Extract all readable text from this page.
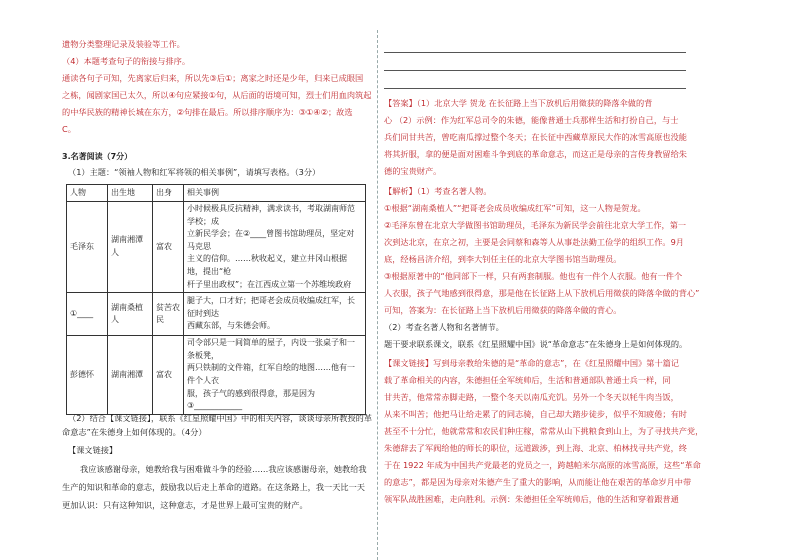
遗物分类整理记录及装验等工作。
（4）本题考查句子的衔接与排序。
通读各句子可知，先离家后归来，所以先③后①；离家之时还是少年，归来已成眼国
之栋，闻剧家国已太久，所以④句应紧接①句，从后面的语境可知，烈士们用血肉筑起
的中华民族的精神长城在东方，②句排在最后。所以排序顺序为：③①④②；故选
C。
3.名著阅读（7分）
（1）主题：“领袖人物和红军将领的相关事例”，请填写表格。（3分）
人物	出生地	出身	相关事例
毛泽东	湖南湘潭人	富农	小时候极具反抗精神，满求读书，考取湖南师范学校；成
立新民学会；在②____曾图书馆助理员，坚定对马克思
主义的信仰。……秋收起义，建立井冈山根据地，提出“枪
杆子里出政权”；在江西成立第一个苏维埃政府

①____	湖南桑植人	贫苦农民	腿子大，口才好；把哥老会成员收编成红军，长征时到达
西藏东部，与朱德会师。

彭德怀	湖南湘潭	富农	司令部只是一间简单的屋子，内设一张桌子和一条板凳，
两只铁制的文件箱，红军自绘的地图……他有一件个人衣
服，孩子气的感到很得意，那是因为
③____________
（2）结合【课文链接】，联系《红星照耀中国》中的相关内容，谈谈母亲所教授的革
命意志”在朱德身上如何体现的。（4分）
【课文链接】
我应该感谢母亲，她教给我与困难做斗争的经验……我应该感谢母亲，她教给我
生产的知识和革命的意志，鼓励我以后走上革命的道路。在这条路上，我一天比一天
更加认识：只有这种知识，这种意志，才是世界上最可宝贵的财产。
【答案】（1）北京大学 贺龙 在长征路上当下放机后用徵获的降落伞做的背
心 （2）示例：作为红军总司令的朱德，能像普通士兵那样生活和打扮自己，与士
兵们同甘共苦，曾吃南瓜撑过整个冬天；在长征中西藏草原民大作的冰雪高原也没能
将其折服，拿的便是面对困难斗争到底的革命意志，而这正是母亲的言传身教留给朱
德的宝贵财产。
【解析】（1）考查名著人物。
①根据“湖南桑植人”“把哥老会成员收编成红军”可知，这一人物是贺龙。
②毛泽东曾在北京大学做图书馆助理员，毛泽东为新民学会前往北京大学工作，第一
次到达北京，在京之初，主要是会同蔡和森等人从事赴法勤工俭学的组织工作。9月
底，经杨昌济介绍，到李大钊任主任的北京大学图书馆当助理员。
③根据原著中的“他同部下一样，只有两套制服。他也有一件个人衣服。他有一件个
人衣服，孩子气地感到很得意，那是他在长征路上从下放机后用徵获的降落伞做的背心”
可知，答案为：在长征路上当下放机后用徵获的降落伞做的背心。
（2）考查名著人物和名著情节。
题干要求联系课文，联系《红星照耀中国》说“革命意志”在朱德身上是如何体现的。
【课文链接】写到母亲教给朱德的是“革命的意志”，在《红星照耀中国》第十篇记
载了革命相关的内容，朱德担任全军统帅后，生活和普通部队普通士兵一样，同
甘共苦，他常常赤脚走路，一整个冬天以南瓜充饥。另外一个冬天以牦牛肉当饭，
从来不叫苦；他把马让给走累了的同志骑，自己却大踏步徒步，似乎不知疲倦；有时
甚至不十分忙，他就常常和农民们种庄稼，常常从山下挑粮食到山上，为了寻找共产党，
朱德辞去了军阀给他的师长的职位，远道跋涉，到上海、北京、柏林找寻共产党，终
于在 1922 年成为中国共产党最老的党员之一，跨越帕米尔高原的冰雪高原，这些“革命
的意志”，都是因为母亲对朱德产生了重大的影响，从而能让他在艰苦的革命岁月中带
领军队战胜困难，走向胜利。示例：朱德担任全军统帅后，他的生活和穿着跟普通
